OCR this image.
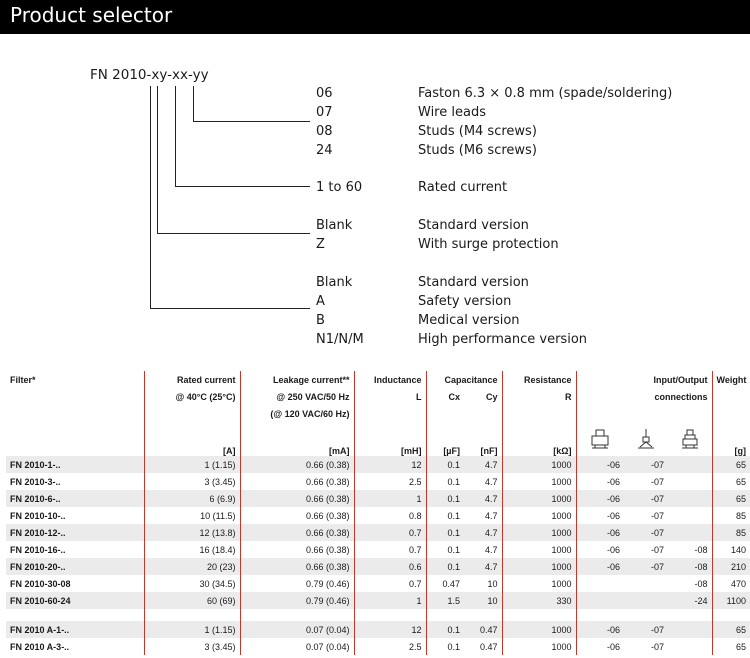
Product selector
FN 2010-xy-xx-yy
06	Faston 6.3 × 0.8 mm (spade/soldering)
07	Wire leads
08	Studs (M4 screws)
24	Studs (M6 screws)
1 to 60	Rated current
Blank	Standard version
Z	With surge protection
Blank	Standard version
A	Safety version
B	Medical version
N1/N/M	High performance version
Filter*	Rated current	Leakage current**	Inductance	Capacitance		Resistance	Input/Output			Weight
	@ 40°C (25°C)	@ 250 VAC/50 Hz	L	Cx	Cy	R	connections			
		(@ 120 VAC/60 Hz)								
	[A]	[mA]	[mH]	[µF]	[nF]	[kΩ]				[g]
FN 2010-1-..	1 (1.15)	0.66 (0.38)	12	0.1	4.7	1000	-06	-07		65
FN 2010-3-..	3 (3.45)	0.66 (0.38)	2.5	0.1	4.7	1000	-06	-07		65
FN 2010-6-..	6 (6.9)	0.66 (0.38)	1	0.1	4.7	1000	-06	-07		65
FN 2010-10-..	10 (11.5)	0.66 (0.38)	0.8	0.1	4.7	1000	-06	-07		85
FN 2010-12-..	12 (13.8)	0.66 (0.38)	0.7	0.1	4.7	1000	-06	-07		85
FN 2010-16-..	16 (18.4)	0.66 (0.38)	0.7	0.1	4.7	1000	-06	-07	-08	140
FN 2010-20-..	20 (23)	0.66 (0.38)	0.6	0.1	4.7	1000	-06	-07	-08	210
FN 2010-30-08	30 (34.5)	0.79 (0.46)	0.7	0.47	10	1000			-08	470
FN 2010-60-24	60 (69)	0.79 (0.46)	1	1.5	10	330			-24	1100

FN 2010 A-1-..	1 (1.15)	0.07 (0.04)	12	0.1	0.47	1000	-06	-07		65
FN 2010 A-3-..	3 (3.45)	0.07 (0.04)	2.5	0.1	0.47	1000	-06	-07		65
